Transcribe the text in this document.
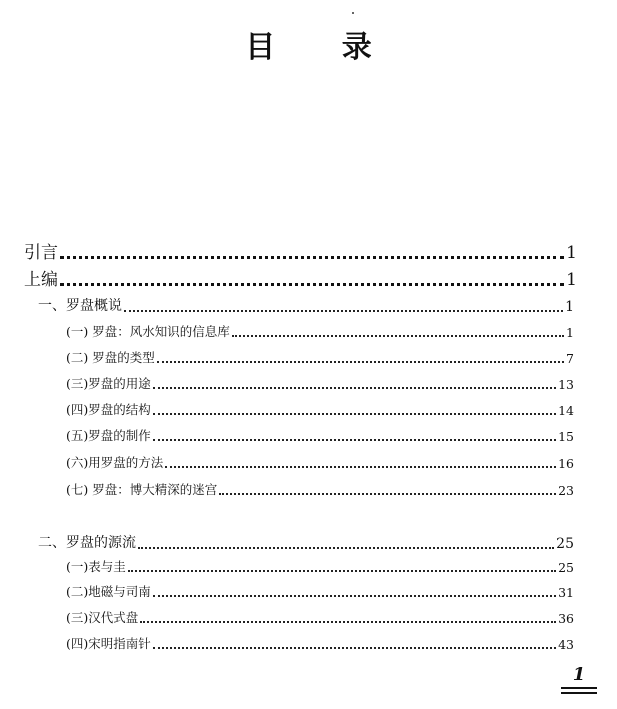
目 录
引言	1
上编	1
一、罗盘概说	1
(一) 罗盘：风水知识的信息库	1
(二) 罗盘的类型	7
(三)罗盘的用途	13
(四)罗盘的结构	14
(五)罗盘的制作	15
(六)用罗盘的方法	16
(七) 罗盘：博大精深的迷宫	23
二、罗盘的源流	25
(一)表与圭	25
(二)地磁与司南	31
(三)汉代式盘	36
(四)宋明指南针	43
1
